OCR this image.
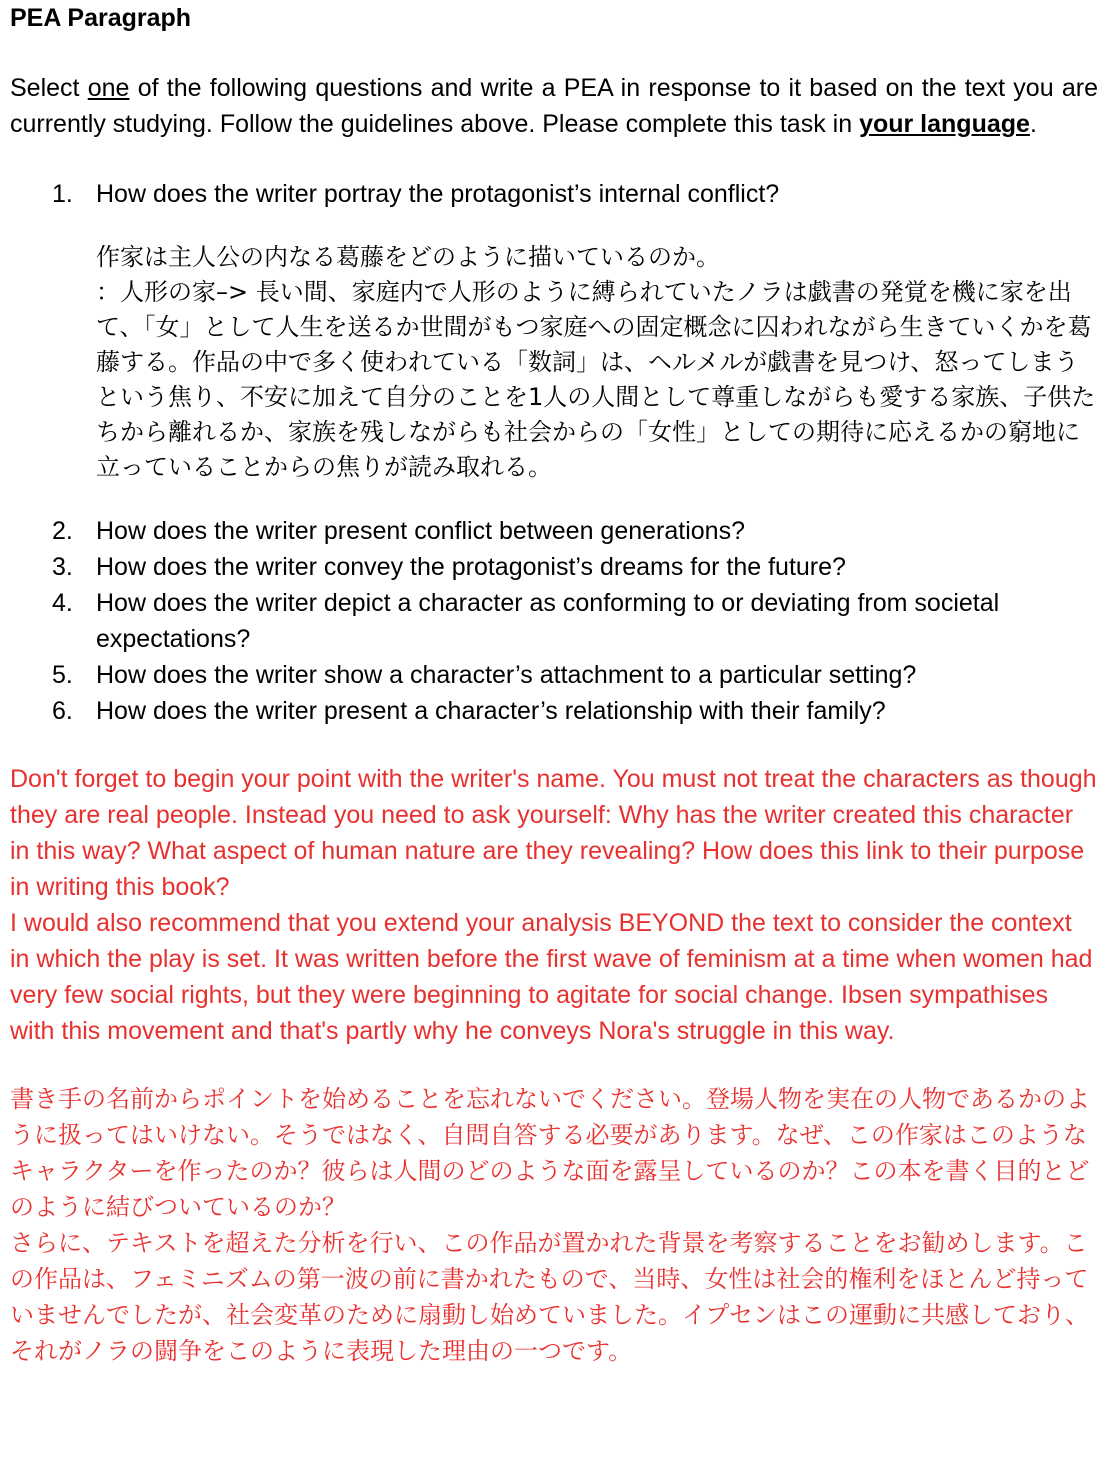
PEA Paragraph
Select one of the following questions and write a PEA in response to it based on the text you are currently studying. Follow the guidelines above. Please complete this task in your language.
1. How does the writer portray the protagonist’s internal conflict?

作家は主人公の内なる葛藤をどのように描いているのか。

：人形の家–> 長い間、家庭内で人形のように縛られていたノラは戯書の発覚を機に家を出て、「女」として人生を送るか世間がもつ家庭への固定概念に囚われながら生きていくかを葛藤する。作品の中で多く使われている「数詞」は、ヘルメルが戯書を見つけ、怒ってしまうという焦り、不安に加えて自分のことを1人の人間として尊重しながらも愛する家族、子供たちから離れるか、家族を残しながらも社会からの「女性」としての期待に応えるかの窮地に立っていることからの焦りが読み取れる。

2. How does the writer present conflict between generations?
3. How does the writer convey the protagonist’s dreams for the future?
4. How does the writer depict a character as conforming to or deviating from societal expectations?
5. How does the writer show a character’s attachment to a particular setting?
6. How does the writer present a character’s relationship with their family?

Don't forget to begin your point with the writer's name. You must not treat the characters as though they are real people. Instead you need to ask yourself: Why has the writer created this character in this way? What aspect of human nature are they revealing? How does this link to their purpose in writing this book?

I would also recommend that you extend your analysis BEYOND the text to consider the context in which the play is set. It was written before the first wave of feminism at a time when women had very few social rights, but they were beginning to agitate for social change. Ibsen sympathises with this movement and that's partly why he conveys Nora's struggle in this way.

書き手の名前からポイントを始めることを忘れないでください。登場人物を実在の人物であるかのように扱ってはいけない。そうではなく、自問自答する必要があります。なぜ、この作家はこのようなキャラクターを作ったのか？彼らは人間のどのような面を露呈しているのか？この本を書く目的とどのように結びついているのか？

さらに、テキストを超えた分析を行い、この作品が置かれた背景を考察することをお勧めします。この作品は、フェミニズムの第一波の前に書かれたもので、当時、女性は社会的権利をほとんど持っていませんでしたが、社会変革のために扇動し始めていました。イプセンはこの運動に共感しており、それがノラの闘争をこのように表現した理由の一つです。
